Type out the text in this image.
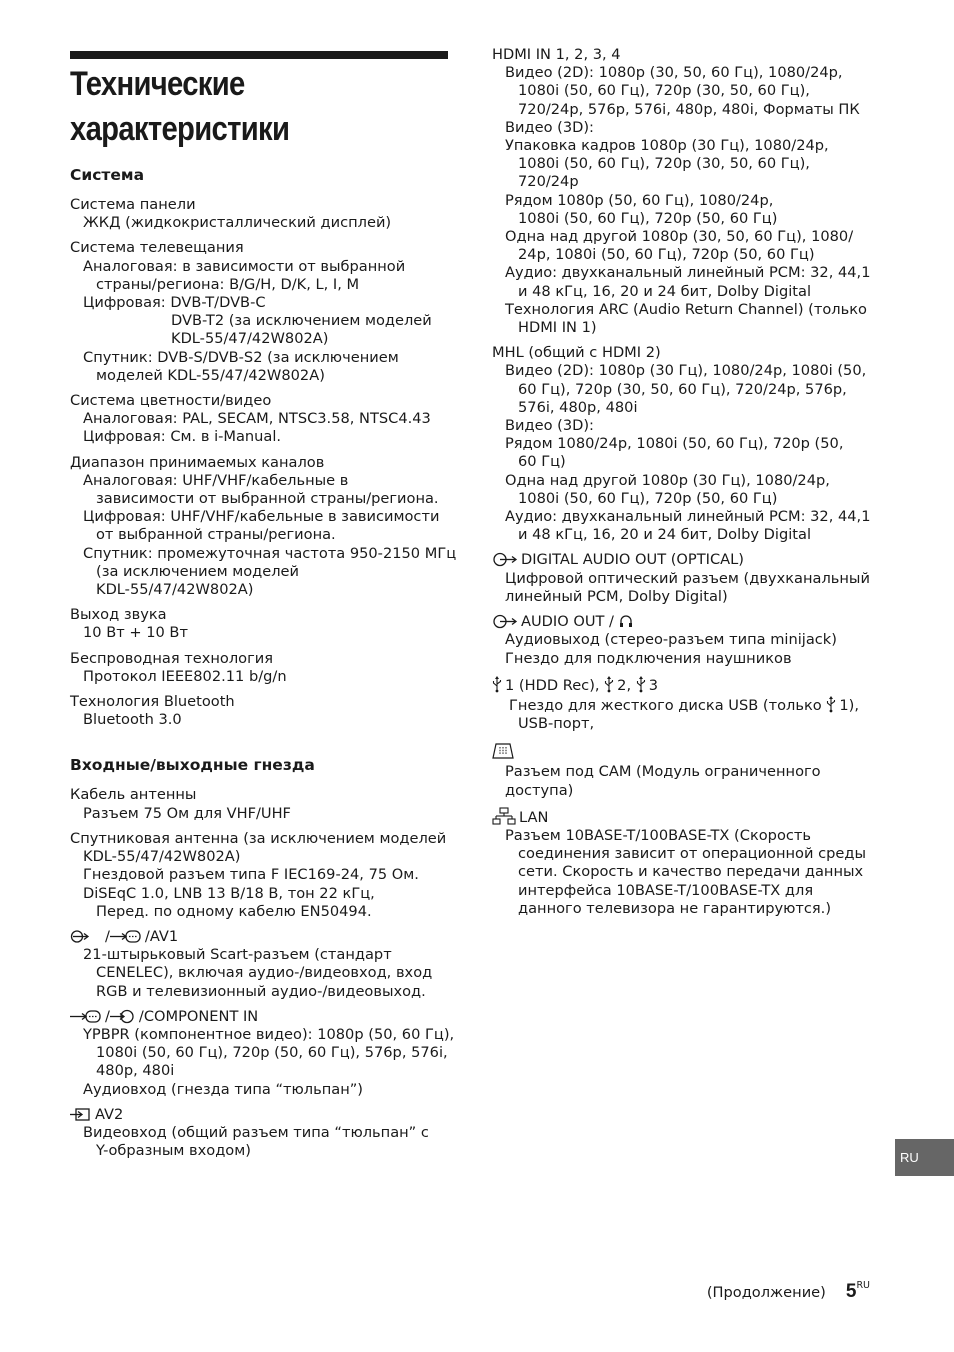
Технические
характеристики
Система
Система панели
ЖКД (жидкокристаллический дисплей)
Система телевещания
Аналоговая: в зависимости от выбранной
страны/региона: B/G/H, D/K, L, I, M
Цифровая: DVB-T/DVB-C
DVB-T2 (за исключением моделей
KDL-55/47/42W802A)
Спутник: DVB-S/DVB-S2 (за исключением
моделей KDL-55/47/42W802A)
Система цветности/видео
Аналоговая: PAL, SECAM, NTSC3.58, NTSC4.43
Цифровая: См. в i-Manual.
Диапазон принимаемых каналов
Аналоговая: UHF/VHF/кабельные в
зависимости от выбранной страны/региона.
Цифровая: UHF/VHF/кабельные в зависимости
от выбранной страны/региона.
Спутник: промежуточная частота 950-2150 МГц
(за исключением моделей
KDL-55/47/42W802A)
Выход звука
10 Вт + 10 Вт
Беспроводная технология
Протокол IEEE802.11 b/g/n
Технология Bluetooth
Bluetooth 3.0
Входные/выходные гнезда
Кабель антенны
Разъем 75 Ом для VHF/UHF
Спутниковая антенна (за исключением моделей
KDL-55/47/42W802A)
Гнездовой разъем типа F IEC169-24, 75 Ом.
DiSEqC 1.0, LNB 13 В/18 В, тон 22 кГц,
Перед. по одному кабелю EN50494.
/ /AV1
21-штырьковый Scart-разъем (стандарт
CENELEC), включая аудио-/видеовход, вход
RGB и телевизионный аудио-/видеовыход.
/ /COMPONENT IN
YPBPR (компонентное видео): 1080p (50, 60 Гц),
1080i (50, 60 Гц), 720p (50, 60 Гц), 576p, 576i,
480p, 480i
Аудиовход (гнезда типа “тюльпан”)
AV2
Видеовход (общий разъем типа “тюльпан” с
Y-образным входом)
HDMI IN 1, 2, 3, 4
Видео (2D): 1080p (30, 50, 60 Гц), 1080/24p,
1080i (50, 60 Гц), 720p (30, 50, 60 Гц),
720/24p, 576p, 576i, 480p, 480i, Форматы ПК
Видео (3D):
Упаковка кадров 1080p (30 Гц), 1080/24p,
1080i (50, 60 Гц), 720p (30, 50, 60 Гц),
720/24p
Рядом 1080p (50, 60 Гц), 1080/24p,
1080i (50, 60 Гц), 720p (50, 60 Гц)
Одна над другой 1080p (30, 50, 60 Гц), 1080/
24p, 1080i (50, 60 Гц), 720p (50, 60 Гц)
Аудио: двухканальный линейный PCM: 32, 44,1
и 48 кГц, 16, 20 и 24 бит, Dolby Digital
Технология ARC (Audio Return Channel) (только
HDMI IN 1)
MHL (общий с HDMI 2)
Видео (2D): 1080p (30 Гц), 1080/24p, 1080i (50,
60 Гц), 720p (30, 50, 60 Гц), 720/24p, 576p,
576i, 480p, 480i
Видео (3D):
Рядом 1080/24p, 1080i (50, 60 Гц), 720p (50,
60 Гц)
Одна над другой 1080p (30 Гц), 1080/24p,
1080i (50, 60 Гц), 720p (50, 60 Гц)
Аудио: двухканальный линейный PCM: 32, 44,1
и 48 кГц, 16, 20 и 24 бит, Dolby Digital
DIGITAL AUDIO OUT (OPTICAL)
Цифровой оптический разъем (двухканальный
линейный PCM, Dolby Digital)
AUDIO OUT /
Аудиовыход (стерео-разъем типа minijack)
Гнездо для подключения наушников
1 (HDD Rec), 2, 3
Гнездо для жесткого диска USB (только 1),
USB-порт,
Разъем под CAM (Модуль ограниченного
доступа)
LAN
Разъем 10BASE-T/100BASE-TX (Скорость
соединения зависит от операционной среды
сети. Скорость и качество передачи данных
интерфейса 10BASE-T/100BASE-TX для
данного телевизора не гарантируются.)
RU
(Продолжение) $5^{RU}$
